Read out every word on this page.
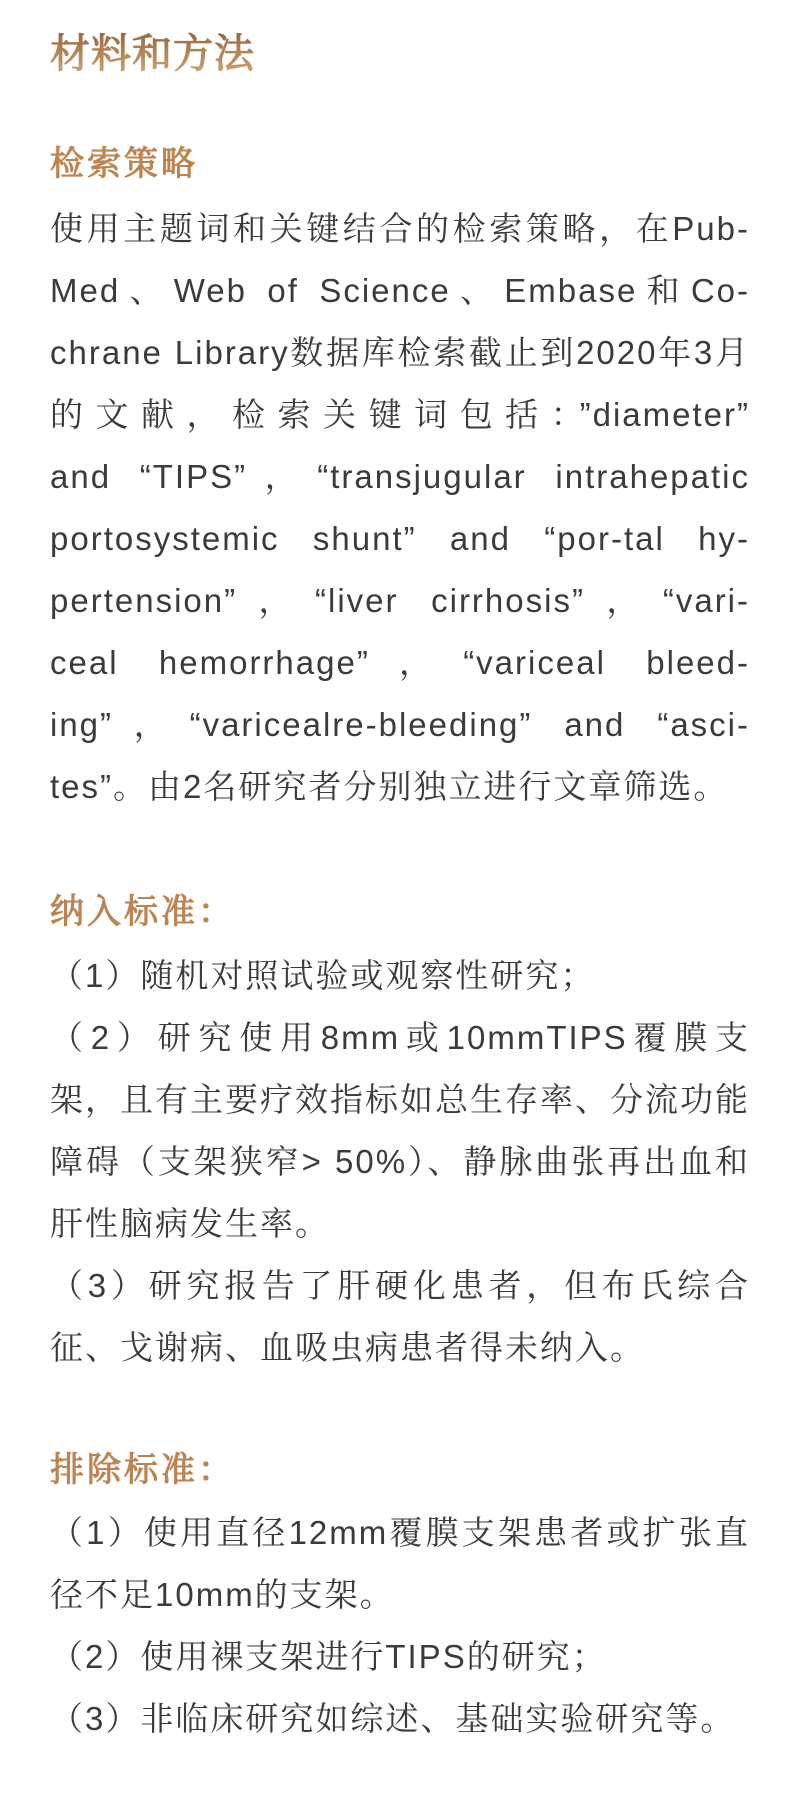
材料和方法
检索策略
使用主题词和关键结合的检索策略，在Pub-
Med、Web of Science、Embase和Co-
chrane Library数据库检索截止到2020年3月
的文献，检索关键词包括：”diameter”
and “TIPS”，“transjugular intrahepatic
portosystemic shunt” and “por-tal hy-
pertension”，“liver cirrhosis”，“vari-
ceal hemorrhage”，“variceal bleed-
ing”，“varicealre-bleeding” and “asci-
tes”。由2名研究者分别独立进行文章筛选。
纳入标准：
（1）随机对照试验或观察性研究；
（2）研究使用8mm或10mmTIPS覆膜支
架，且有主要疗效指标如总生存率、分流功能
障碍（支架狭窄> 50%）、静脉曲张再出血和
肝性脑病发生率。
（3）研究报告了肝硬化患者，但布氏综合
征、戈谢病、血吸虫病患者得未纳入。
排除标准：
（1）使用直径12mm覆膜支架患者或扩张直
径不足10mm的支架。
（2）使用裸支架进行TIPS的研究；
（3）非临床研究如综述、基础实验研究等。
